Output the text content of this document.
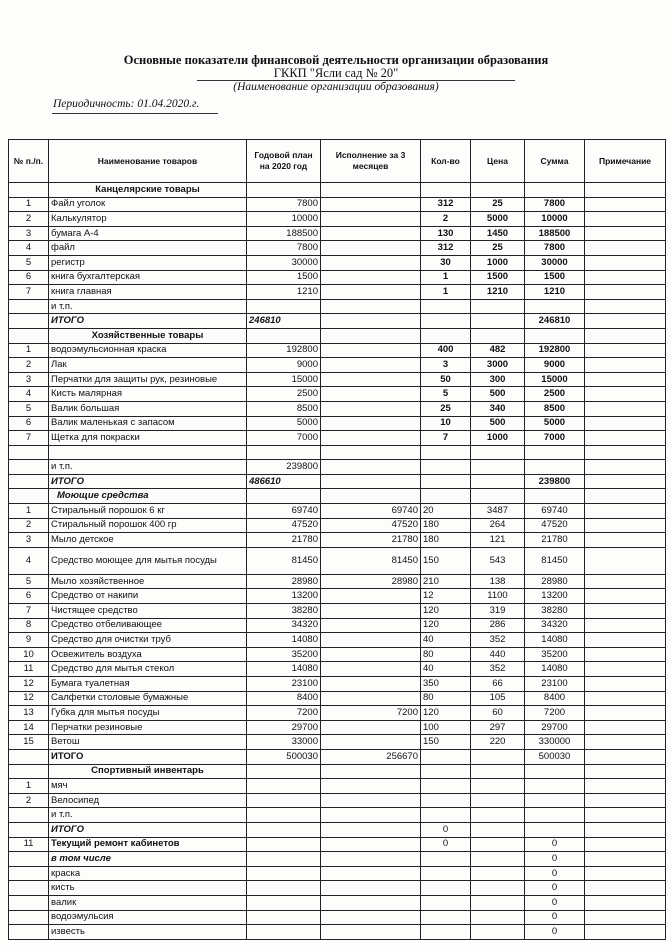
Основные показатели финансовой деятельности организации образования
ГККП "Ясли сад № 20"
(Наименование организации образования)
Периодичность: 01.04.2020.г.
№ п./п.	Наименование товаров	Годовой план на 2020 год	Исполнение за 3 месяцев	Кол-во	Цена	Сумма	Примечание
	Канцелярские товары						
1	Файл уголок	7800		312	25	7800	
2	Калькулятор	10000		2	5000	10000	
3	бумага А-4	188500		130	1450	188500	
4	файл	7800		312	25	7800	
5	регистр	30000		30	1000	30000	
6	книга бухгалтерская	1500		1	1500	1500	
7	книга главная	1210		1	1210	1210	
	и т.п.						
	ИТОГО	246810				246810	
	Хозяйственные товары						
1	водоэмульсионная краска	192800		400	482	192800	
2	Лак	9000		3	3000	9000	
3	Перчатки для защиты рук, резиновые	15000		50	300	15000	
4	Кисть малярная	2500		5	500	2500	
5	Валик большая	8500		25	340	8500	
6	Валик маленькая с запасом	5000		10	500	5000	
7	Щетка для покраски	7000		7	1000	7000	

	и т.п.	239800					
	ИТОГО	486610				239800	
	Моющие средства						
1	Стиральный порошок 6 кг	69740	69740	20	3487	69740	
2	Стиральный порошок 400 гр	47520	47520	180	264	47520	
3	Мыло детское	21780	21780	180	121	21780	
4	Средство моющее для мытья посуды	81450	81450	150	543	81450	
5	Мыло хозяйственное	28980	28980	210	138	28980	
6	Средство от накипи	13200		12	1100	13200	
7	Чистящее средство	38280		120	319	38280	
8	Средство отбеливающее	34320		120	286	34320	
9	Средство для очистки труб	14080		40	352	14080	
10	Освежитель воздуха	35200		80	440	35200	
11	Средство для мытья стекол	14080		40	352	14080	
12	Бумага туалетная	23100		350	66	23100	
12	Салфетки столовые бумажные	8400		80	105	8400	
13	Губка для мытья посуды	7200	7200	120	60	7200	
14	Перчатки резиновые	29700		100	297	29700	
15	Ветош	33000		150	220	330000	
	ИТОГО	500030	256670			500030	
	Спортивный инвентарь						
1	мяч						
2	Велосипед						
	и т.п.						
	ИТОГО			0			
11	Текущий ремонт кабинетов			0		0	
	в том числе					0	
	краска					0	
	кисть					0	
	валик					0	
	водоэмульсия					0	
	известь					0	
